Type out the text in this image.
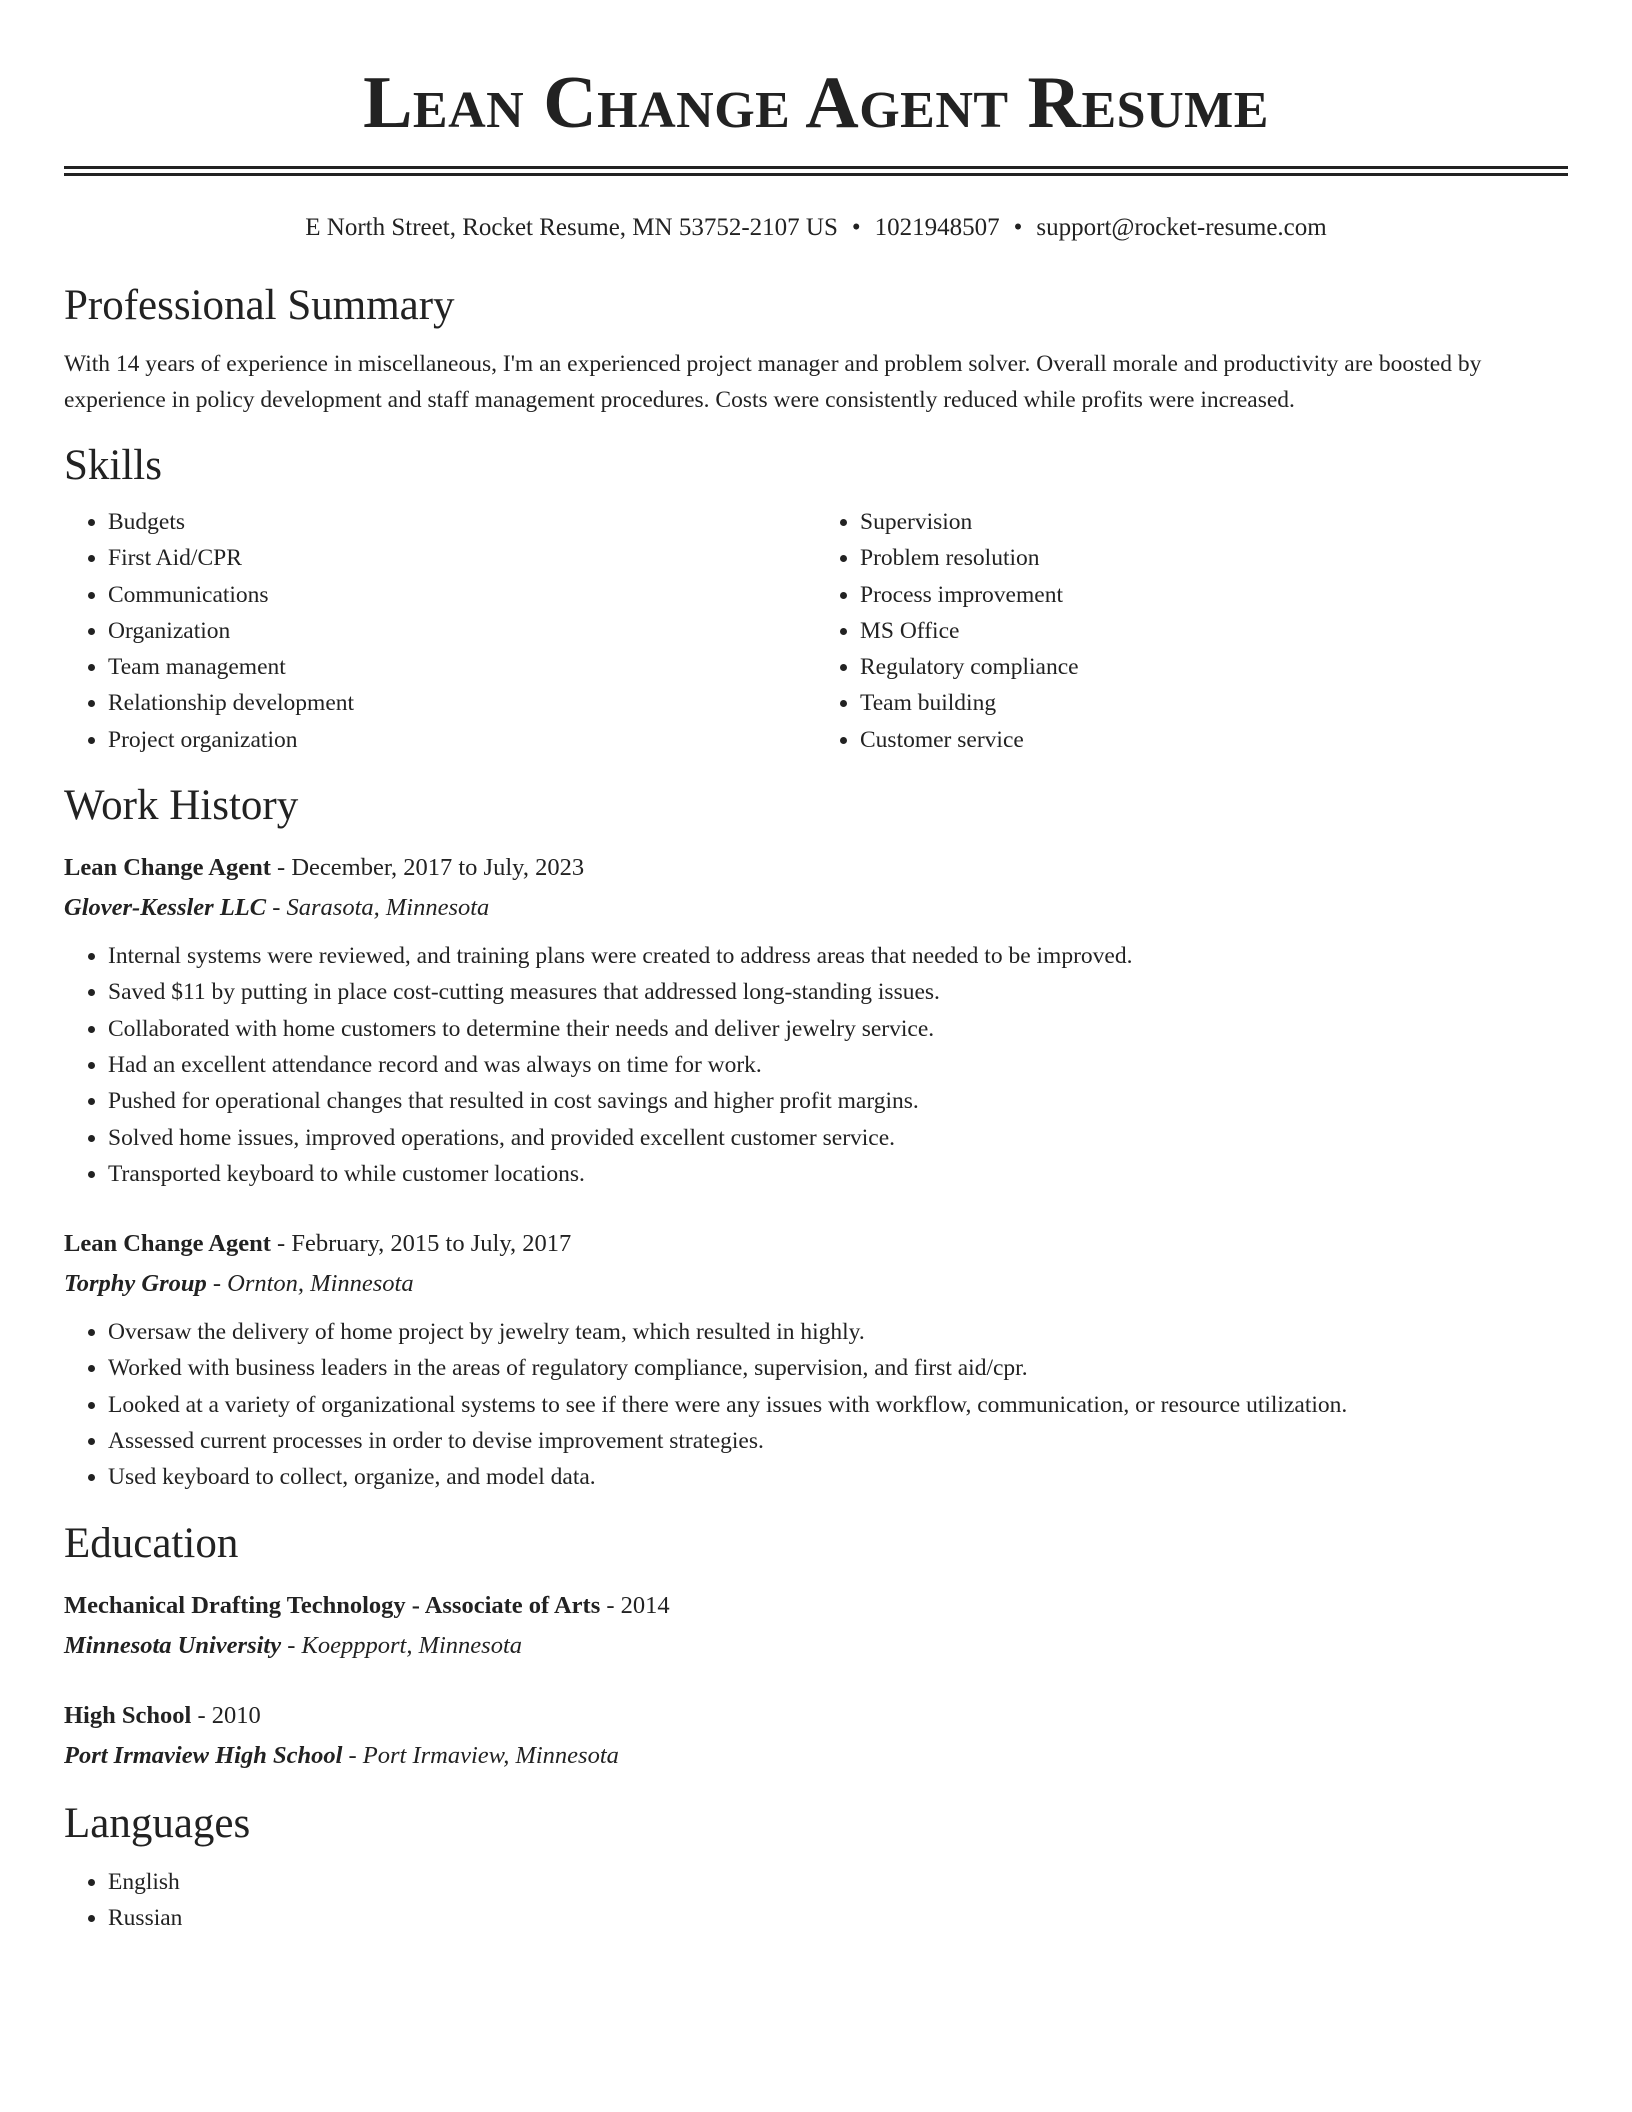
Lean Change Agent Resume
E North Street, Rocket Resume, MN 53752-2107 US • 1021948507 • support@rocket-resume.com
Professional Summary

With 14 years of experience in miscellaneous, I'm an experienced project manager and problem solver. Overall morale and productivity are boosted by experience in policy development and staff management procedures. Costs were consistently reduced while profits were increased.

Skills
• Budgets
• First Aid/CPR
• Communications
• Organization
• Team management
• Relationship development
• Project organization
• Supervision
• Problem resolution
• Process improvement
• MS Office
• Regulatory compliance
• Team building
• Customer service
Work History
Lean Change Agent - December, 2017 to July, 2023
Glover-Kessler LLC - Sarasota, Minnesota
• Internal systems were reviewed, and training plans were created to address areas that needed to be improved.
• Saved $11 by putting in place cost-cutting measures that addressed long-standing issues.
• Collaborated with home customers to determine their needs and deliver jewelry service.
• Had an excellent attendance record and was always on time for work.
• Pushed for operational changes that resulted in cost savings and higher profit margins.
• Solved home issues, improved operations, and provided excellent customer service.
• Transported keyboard to while customer locations.
Lean Change Agent - February, 2015 to July, 2017
Torphy Group - Ornton, Minnesota
• Oversaw the delivery of home project by jewelry team, which resulted in highly.
• Worked with business leaders in the areas of regulatory compliance, supervision, and first aid/cpr.
• Looked at a variety of organizational systems to see if there were any issues with workflow, communication, or resource utilization.
• Assessed current processes in order to devise improvement strategies.
• Used keyboard to collect, organize, and model data.
Education
Mechanical Drafting Technology - Associate of Arts - 2014
Minnesota University - Koeppport, Minnesota
High School - 2010
Port Irmaview High School - Port Irmaview, Minnesota
Languages
• English
• Russian
